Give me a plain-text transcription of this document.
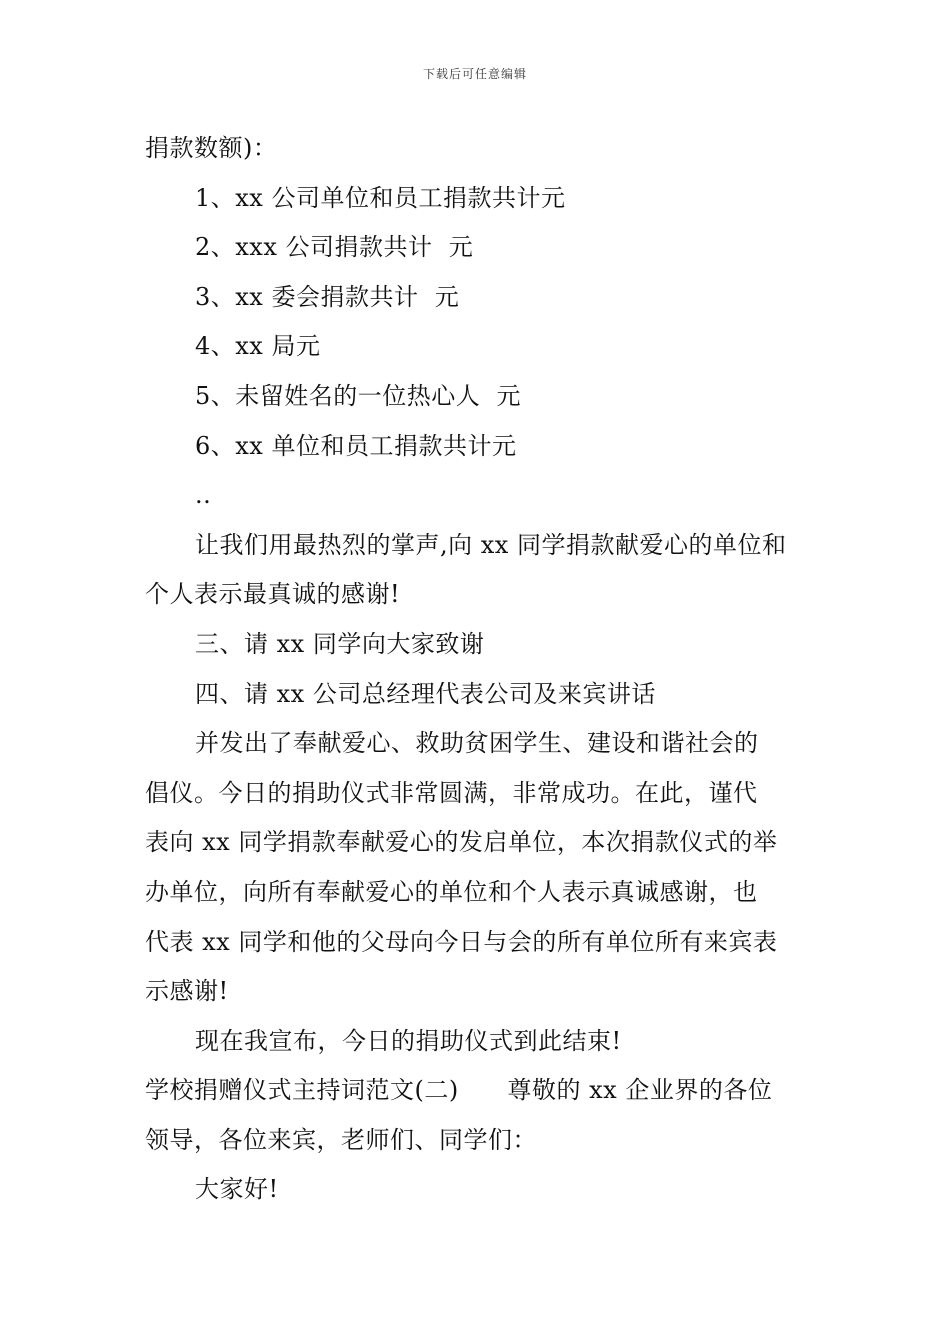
下载后可任意编辑
捐款数额)：
1、xx 公司单位和员工捐款共计元
2、xxx 公司捐款共计  元
3、xx 委会捐款共计  元
4、xx 局元
5、未留姓名的一位热心人  元
6、xx 单位和员工捐款共计元
..
让我们用最热烈的掌声,向 xx 同学捐款献爱心的单位和
个人表示最真诚的感谢!
三、请 xx 同学向大家致谢
四、请 xx 公司总经理代表公司及来宾讲话
并发出了奉献爱心、救助贫困学生、建设和谐社会的
倡仪。今日的捐助仪式非常圆满，非常成功。在此，谨代
表向 xx 同学捐款奉献爱心的发启单位，本次捐款仪式的举
办单位，向所有奉献爱心的单位和个人表示真诚感谢，也
代表 xx 同学和他的父母向今日与会的所有单位所有来宾表
示感谢!
现在我宣布，今日的捐助仪式到此结束!
学校捐赠仪式主持词范文(二)      尊敬的 xx 企业界的各位
领导，各位来宾，老师们、同学们：
大家好!
